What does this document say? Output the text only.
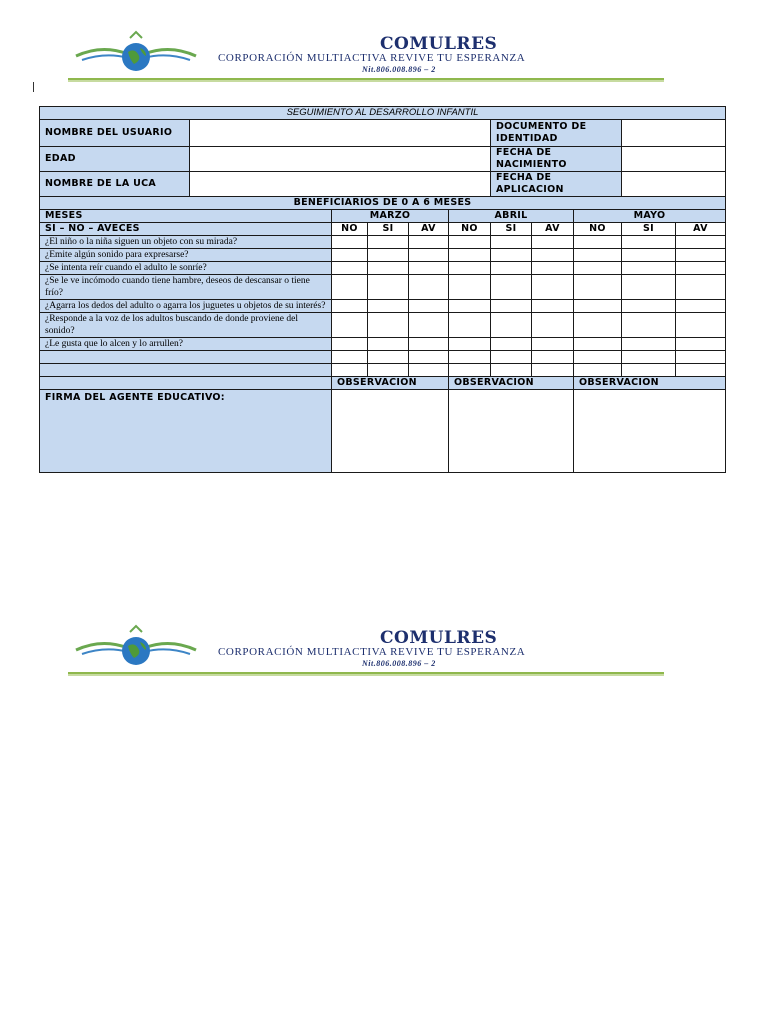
COMULRES
CORPORACIÓN MULTIACTIVA REVIVE TU ESPERANZA
Nit.806.008.896 – 2
SEGUIMIENTO AL DESARROLLO INFANTIL										
NOMBRE DEL USUARIO						DOCUMENTO DE IDENTIDAD				
EDAD						FECHA DE NACIMIENTO				
NOMBRE DE LA UCA						FECHA DE APLICACION				
BENEFICIARIOS DE 0 A 6 MESES										
MESES		MARZO			ABRIL			MAYO		
SI – NO – AVECES		NO	SI	AV	NO	SI	AV	NO	SI	AV
¿El niño o la niña siguen un objeto con su mirada?										
¿Emite algún sonido para expresarse?										
¿Se intenta reír cuando el adulto le sonríe?										
¿Se le ve incómodo cuando tiene hambre, deseos de descansar o tiene frío?										
¿Agarra los dedos del adulto o agarra los juguetes u objetos de su interés?										
¿Responde a la voz de los adultos buscando de donde proviene del sonido?										
¿Le gusta que lo alcen y lo arrullen?										

		OBSERVACION			OBSERVACION			OBSERVACION		
FIRMA DEL AGENTE EDUCATIVO:										
COMULRES
CORPORACIÓN MULTIACTIVA REVIVE TU ESPERANZA
Nit.806.008.896 – 2
